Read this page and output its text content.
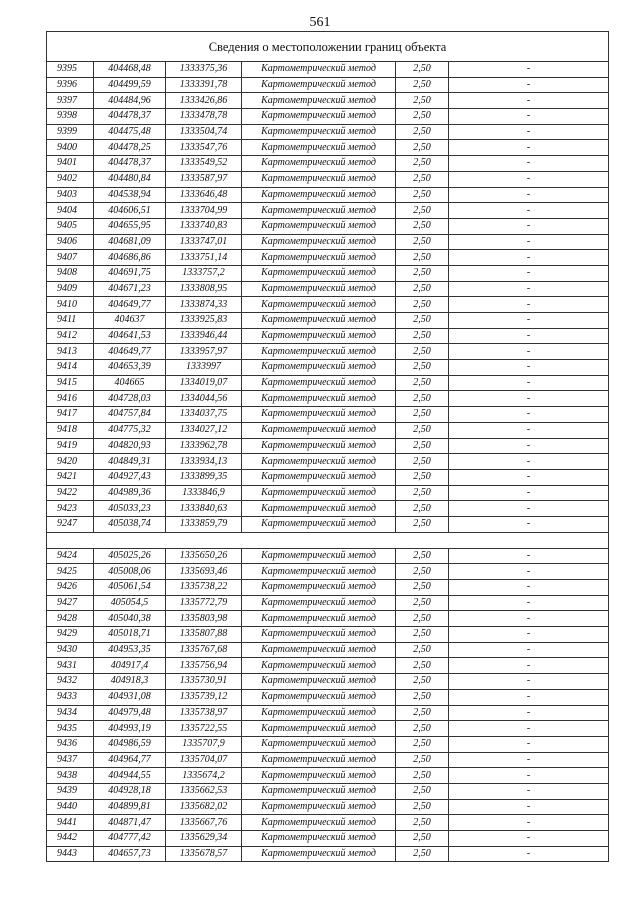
561
Сведения о местоположении границ объекта					
9395	404468,48	1333375,36	Картометрический метод	2,50	-
9396	404499,59	1333391,78	Картометрический метод	2,50	-
9397	404484,96	1333426,86	Картометрический метод	2,50	-
9398	404478,37	1333478,78	Картометрический метод	2,50	-
9399	404475,48	1333504,74	Картометрический метод	2,50	-
9400	404478,25	1333547,76	Картометрический метод	2,50	-
9401	404478,37	1333549,52	Картометрический метод	2,50	-
9402	404480,84	1333587,97	Картометрический метод	2,50	-
9403	404538,94	1333646,48	Картометрический метод	2,50	-
9404	404606,51	1333704,99	Картометрический метод	2,50	-
9405	404655,95	1333740,83	Картометрический метод	2,50	-
9406	404681,09	1333747,01	Картометрический метод	2,50	-
9407	404686,86	1333751,14	Картометрический метод	2,50	-
9408	404691,75	1333757,2	Картометрический метод	2,50	-
9409	404671,23	1333808,95	Картометрический метод	2,50	-
9410	404649,77	1333874,33	Картометрический метод	2,50	-
9411	404637	1333925,83	Картометрический метод	2,50	-
9412	404641,53	1333946,44	Картометрический метод	2,50	-
9413	404649,77	1333957,97	Картометрический метод	2,50	-
9414	404653,39	1333997	Картометрический метод	2,50	-
9415	404665	1334019,07	Картометрический метод	2,50	-
9416	404728,03	1334044,56	Картометрический метод	2,50	-
9417	404757,84	1334037,75	Картометрический метод	2,50	-
9418	404775,32	1334027,12	Картометрический метод	2,50	-
9419	404820,93	1333962,78	Картометрический метод	2,50	-
9420	404849,31	1333934,13	Картометрический метод	2,50	-
9421	404927,43	1333899,35	Картометрический метод	2,50	-
9422	404989,36	1333846,9	Картометрический метод	2,50	-
9423	405033,23	1333840,63	Картометрический метод	2,50	-
9247	405038,74	1333859,79	Картометрический метод	2,50	-

9424	405025,26	1335650,26	Картометрический метод	2,50	-
9425	405008,06	1335693,46	Картометрический метод	2,50	-
9426	405061,54	1335738,22	Картометрический метод	2,50	-
9427	405054,5	1335772,79	Картометрический метод	2,50	-
9428	405040,38	1335803,98	Картометрический метод	2,50	-
9429	405018,71	1335807,88	Картометрический метод	2,50	-
9430	404953,35	1335767,68	Картометрический метод	2,50	-
9431	404917,4	1335756,94	Картометрический метод	2,50	-
9432	404918,3	1335730,91	Картометрический метод	2,50	-
9433	404931,08	1335739,12	Картометрический метод	2,50	-
9434	404979,48	1335738,97	Картометрический метод	2,50	-
9435	404993,19	1335722,55	Картометрический метод	2,50	-
9436	404986,59	1335707,9	Картометрический метод	2,50	-
9437	404964,77	1335704,07	Картометрический метод	2,50	-
9438	404944,55	1335674,2	Картометрический метод	2,50	-
9439	404928,18	1335662,53	Картометрический метод	2,50	-
9440	404899,81	1335682,02	Картометрический метод	2,50	-
9441	404871,47	1335667,76	Картометрический метод	2,50	-
9442	404777,42	1335629,34	Картометрический метод	2,50	-
9443	404657,73	1335678,57	Картометрический метод	2,50	-
